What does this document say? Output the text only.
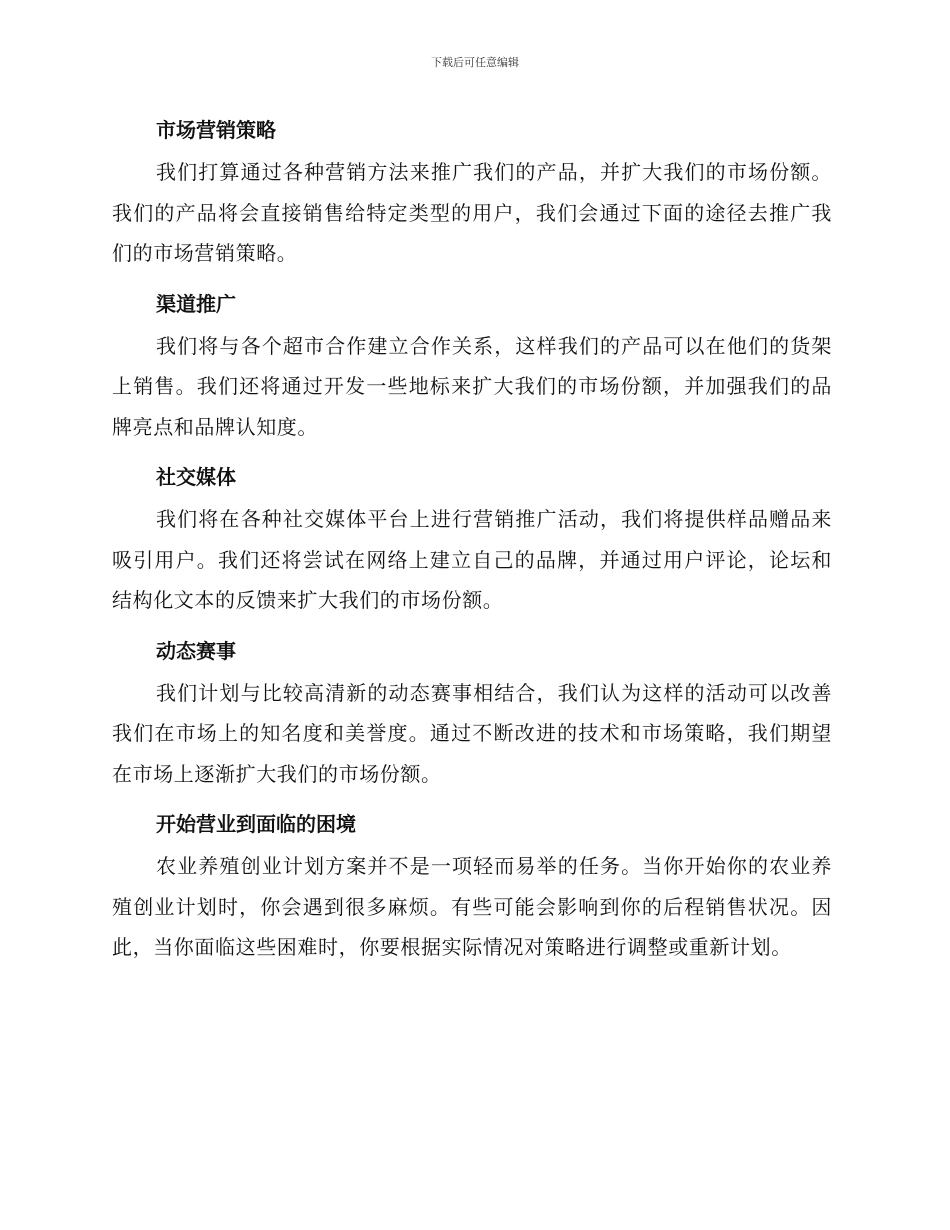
下载后可任意编辑
市场营销策略

我们打算通过各种营销方法来推广我们的产品，并扩大我们的市场份额。我们的产品将会直接销售给特定类型的用户，我们会通过下面的途径去推广我们的市场营销策略。

渠道推广

我们将与各个超市合作建立合作关系，这样我们的产品可以在他们的货架上销售。我们还将通过开发一些地标来扩大我们的市场份额，并加强我们的品牌亮点和品牌认知度。

社交媒体

我们将在各种社交媒体平台上进行营销推广活动，我们将提供样品赠品来吸引用户。我们还将尝试在网络上建立自己的品牌，并通过用户评论，论坛和结构化文本的反馈来扩大我们的市场份额。

动态赛事

我们计划与比较高清新的动态赛事相结合，我们认为这样的活动可以改善我们在市场上的知名度和美誉度。通过不断改进的技术和市场策略，我们期望在市场上逐渐扩大我们的市场份额。

开始营业到面临的困境

农业养殖创业计划方案并不是一项轻而易举的任务。当你开始你的农业养殖创业计划时，你会遇到很多麻烦。有些可能会影响到你的后程销售状况。因此，当你面临这些困难时，你要根据实际情况对策略进行调整或重新计划。
